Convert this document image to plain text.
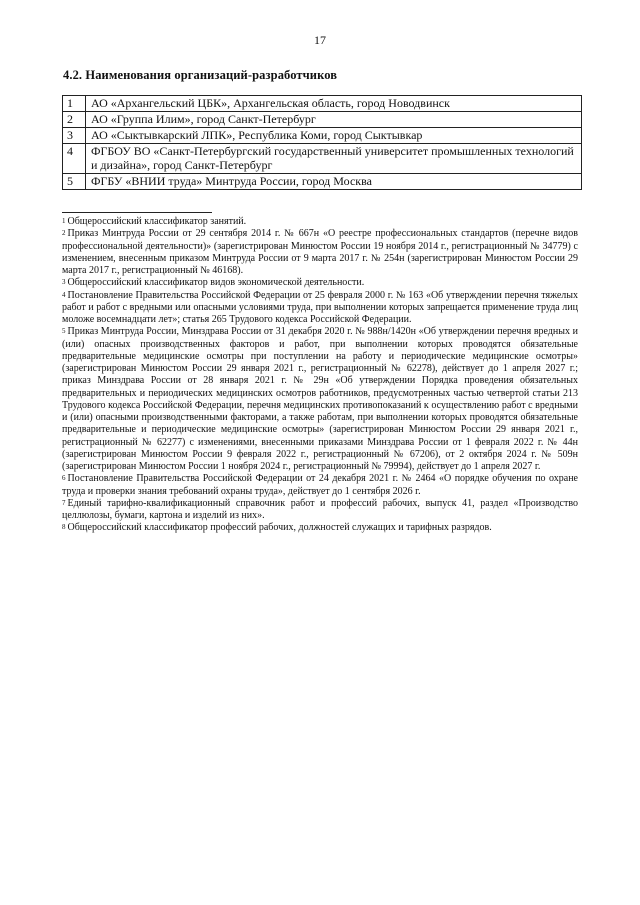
17
4.2. Наименования организаций-разработчиков
1	АО «Архангельский ЦБК», Архангельская область, город Новодвинск
2	АО «Группа Илим», город Санкт-Петербург
3	АО «Сыктывкарский ЛПК», Республика Коми, город Сыктывкар
4	ФГБОУ ВО «Санкт-Петербургский государственный университет промышленных технологий и дизайна», город Санкт-Петербург
5	ФГБУ «ВНИИ труда» Минтруда России, город Москва

$^1$ Общероссийский классификатор занятий.

$^2$ Приказ Минтруда России от 29 сентября 2014 г. № 667н «О реестре профессиональных стандартов (перечне видов профессиональной деятельности)» (зарегистрирован Минюстом России 19 ноября 2014 г., регистрационный № 34779) с изменением, внесенным приказом Минтруда России от 9 марта 2017 г. № 254н (зарегистрирован Минюстом России 29 марта 2017 г., регистрационный № 46168).

$^3$ Общероссийский классификатор видов экономической деятельности.

$^4$ Постановление Правительства Российской Федерации от 25 февраля 2000 г. № 163 «Об утверждении перечня тяжелых работ и работ с вредными или опасными условиями труда, при выполнении которых запрещается применение труда лиц моложе восемнадцати лет»; статья 265 Трудового кодекса Российской Федерации.

$^5$ Приказ Минтруда России, Минздрава России от 31 декабря 2020 г. № 988н/1420н «Об утверждении перечня вредных и (или) опасных производственных факторов и работ, при выполнении которых проводятся обязательные предварительные медицинские осмотры при поступлении на работу и периодические медицинские осмотры» (зарегистрирован Минюстом России 29 января 2021 г., регистрационный № 62278), действует до 1 апреля 2027 г.; приказ Минздрава России от 28 января 2021 г. № 29н «Об утверждении Порядка проведения обязательных предварительных и периодических медицинских осмотров работников, предусмотренных частью четвертой статьи 213 Трудового кодекса Российской Федерации, перечня медицинских противопоказаний к осуществлению работ с вредными и (или) опасными производственными факторами, а также работам, при выполнении которых проводятся обязательные предварительные и периодические медицинские осмотры» (зарегистрирован Минюстом России 29 января 2021 г., регистрационный № 62277) с изменениями, внесенными приказами Минздрава России от 1 февраля 2022 г. № 44н (зарегистрирован Минюстом России 9 февраля 2022 г., регистрационный № 67206), от 2 октября 2024 г. № 509н (зарегистрирован Минюстом России 1 ноября 2024 г., регистрационный № 79994), действует до 1 апреля 2027 г.

$^6$ Постановление Правительства Российской Федерации от 24 декабря 2021 г. № 2464 «О порядке обучения по охране труда и проверки знания требований охраны труда», действует до 1 сентября 2026 г.

$^7$ Единый тарифно-квалификационный справочник работ и профессий рабочих, выпуск 41, раздел «Производство целлюлозы, бумаги, картона и изделий из них».

$^8$ Общероссийский классификатор профессий рабочих, должностей служащих и тарифных разрядов.
